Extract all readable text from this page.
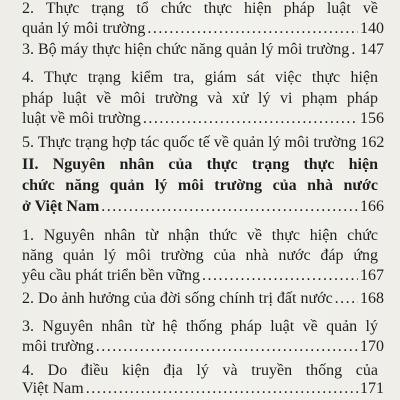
2. Thực trạng tổ chức thực hiện pháp luật về
quản lý môi trường .....	140
3. Bộ máy thực hiện chức năng quản lý môi trường ..... 147
4. Thực trạng kiểm tra, giám sát việc thực hiện
pháp luật về môi trường và xử lý vi phạm pháp
luật về môi trường .....	156
5. Thực trạng hợp tác quốc tế về quản lý môi trường 162
II. Nguyên nhân của thực trạng thực hiện
chức năng quản lý môi trường của nhà nước
ở Việt Nam .....	166
1. Nguyên nhân từ nhận thức về thực hiện chức
năng quản lý môi trường của nhà nước đáp ứng
yêu cầu phát triển bền vững .....	167
2. Do ảnh hưởng của đời sống chính trị đất nước ..... 168
3. Nguyên nhân từ hệ thống pháp luật về quản lý
môi trường .....	170
4. Do điều kiện địa lý và truyền thống của
Việt Nam .....	171
